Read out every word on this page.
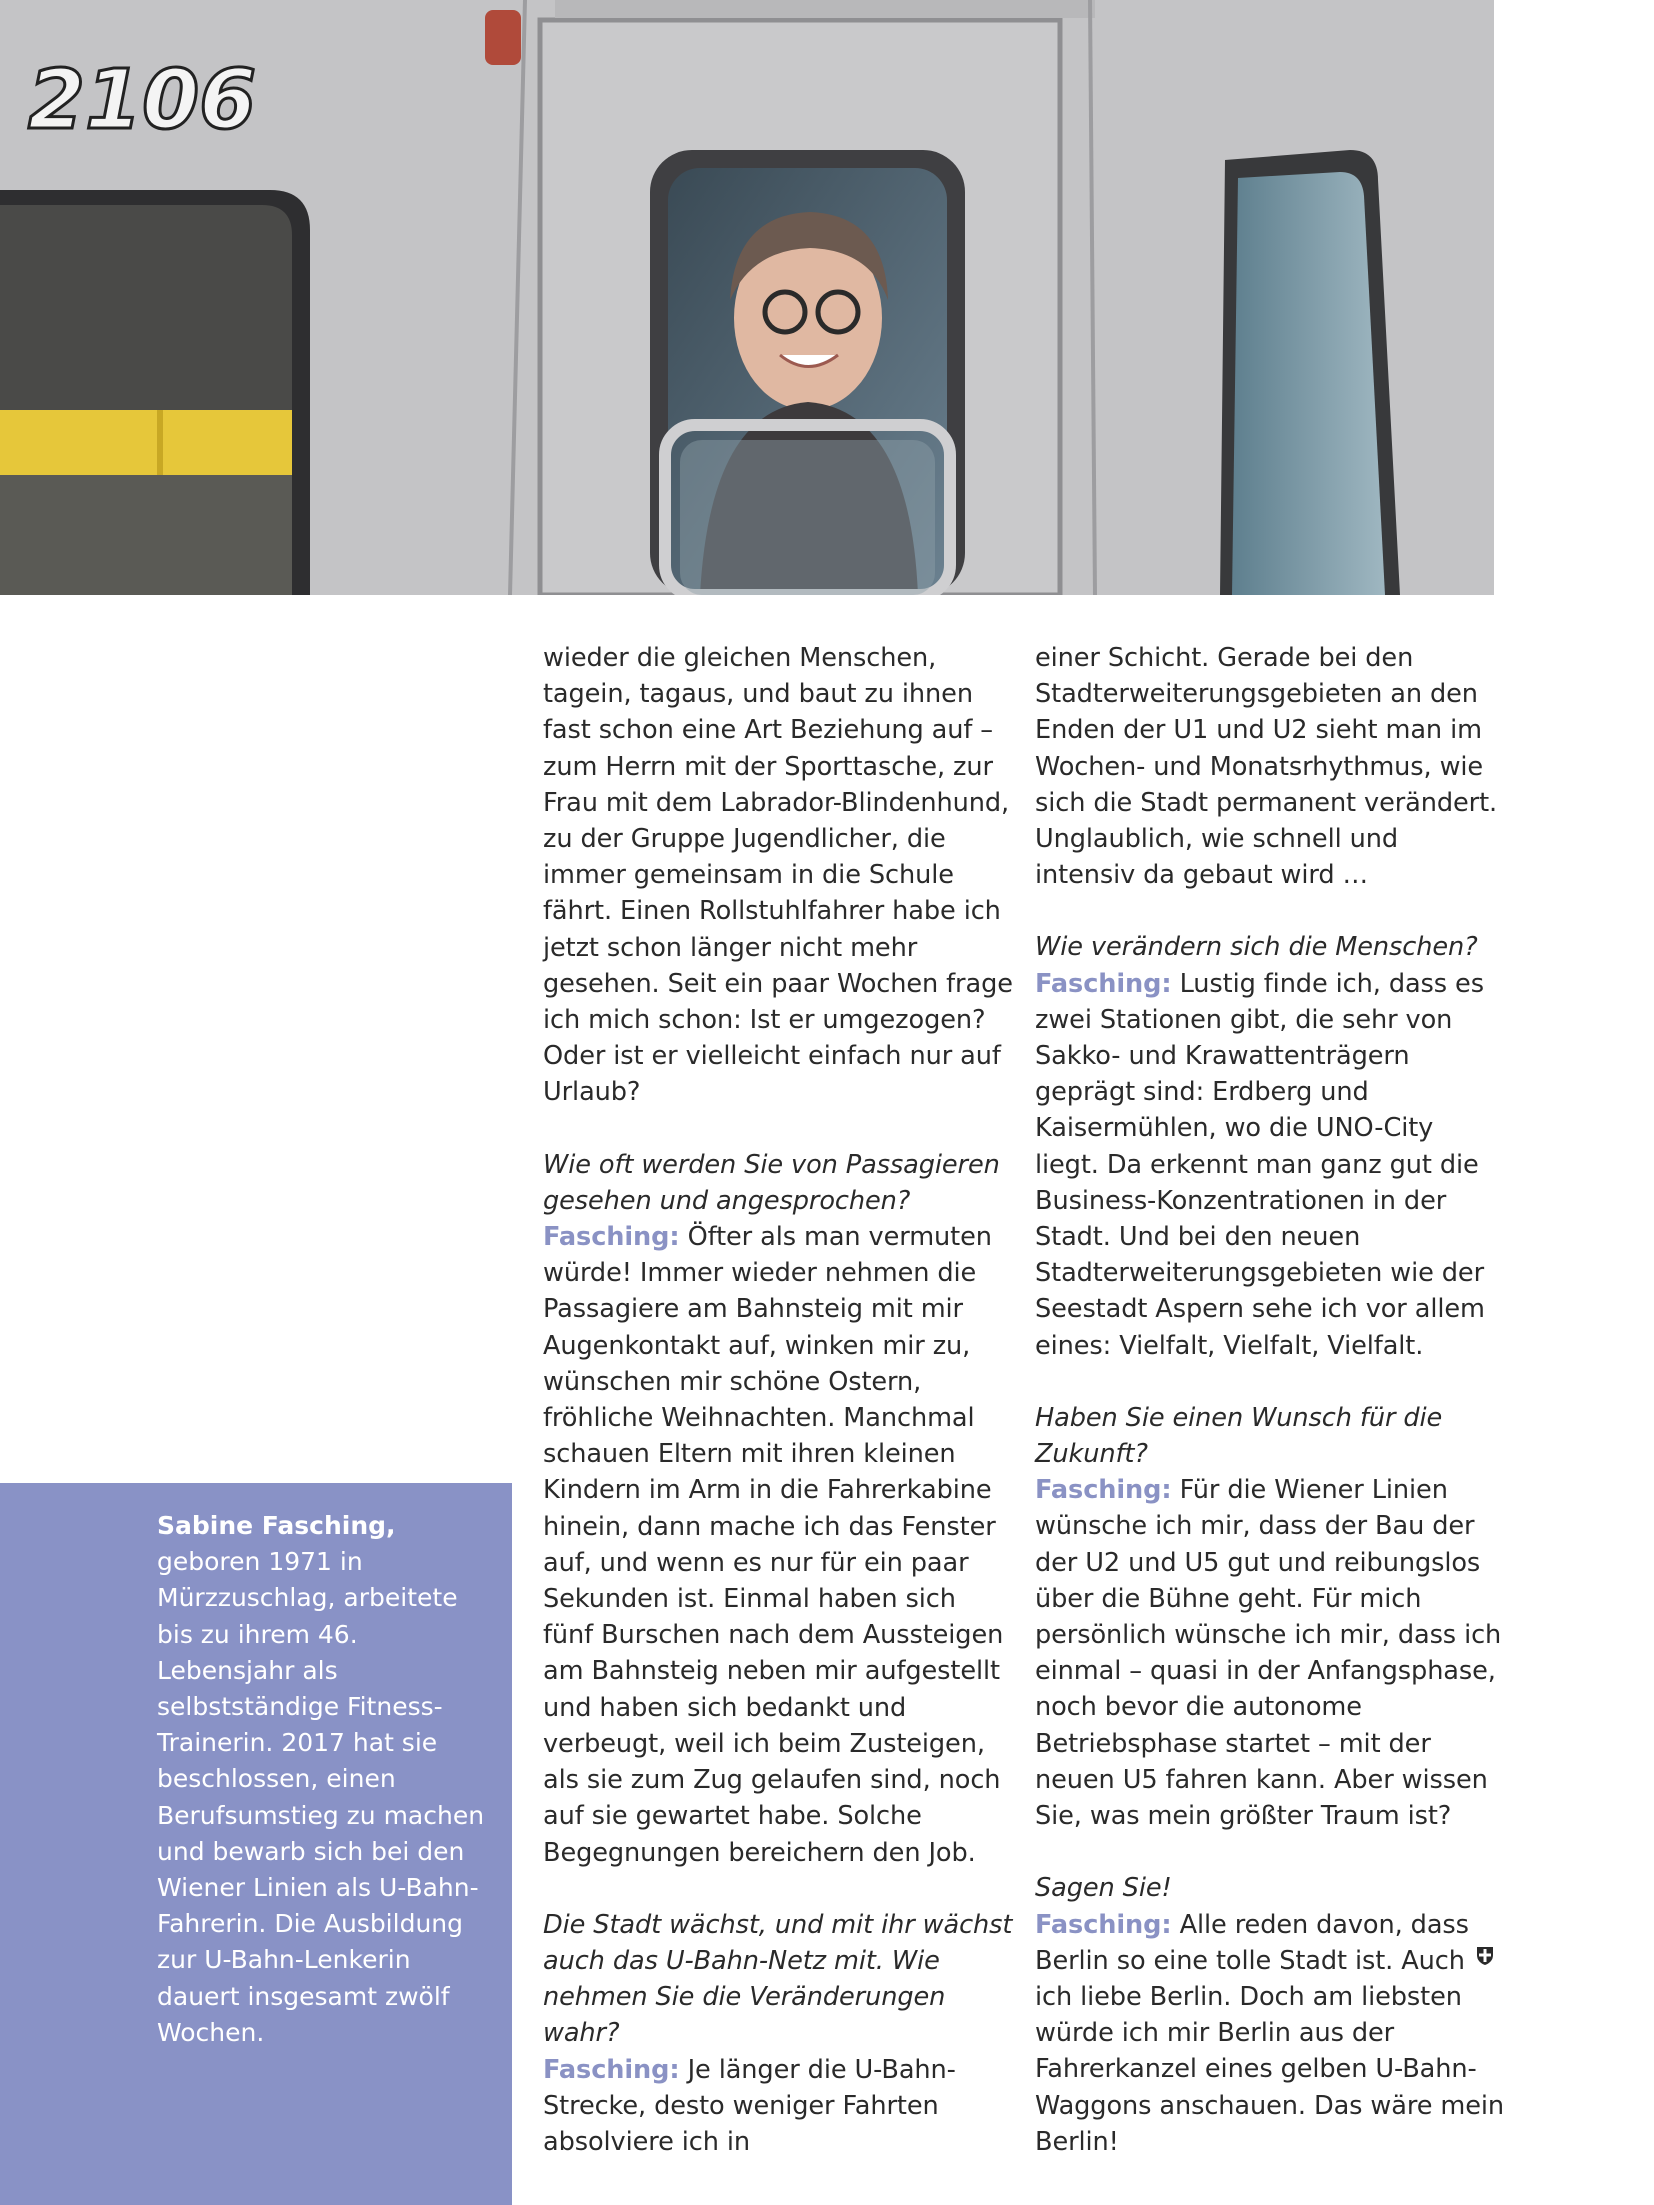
2106
Sabine Fasching,
geboren 1971 in Mürzzuschlag, arbeitete bis zu ihrem 46. Lebensjahr als selbstständige Fitness-Trainerin. 2017 hat sie beschlossen, einen Berufsumstieg zu machen und bewarb sich bei den Wiener Linien als U-Bahn-Fahrerin. Die Ausbildung zur U-Bahn-Lenkerin dauert insgesamt zwölf Wochen.

wieder die gleichen Menschen, tagein, tagaus, und baut zu ihnen fast schon eine Art Beziehung auf – zum Herrn mit der Sporttasche, zur Frau mit dem Labrador-Blindenhund, zu der Gruppe Jugendlicher, die immer gemeinsam in die Schule fährt. Einen Rollstuhlfahrer habe ich jetzt schon länger nicht mehr gesehen. Seit ein paar Wochen frage ich mich schon: Ist er umgezogen? Oder ist er vielleicht einfach nur auf Urlaub?

Wie oft werden Sie von Passagieren gesehen und angesprochen?
Fasching: Öfter als man vermuten würde! Immer wieder nehmen die Passagiere am Bahnsteig mit mir Augenkontakt auf, winken mir zu, wünschen mir schöne Ostern, fröhliche Weihnachten. Manchmal schauen Eltern mit ihren kleinen Kindern im Arm in die Fahrerkabine hinein, dann mache ich das Fenster auf, und wenn es nur für ein paar Sekunden ist. Einmal haben sich fünf Burschen nach dem Aussteigen am Bahnsteig neben mir aufgestellt und haben sich bedankt und verbeugt, weil ich beim Zusteigen, als sie zum Zug gelaufen sind, noch auf sie gewartet habe. Solche Begegnungen bereichern den Job.

Die Stadt wächst, und mit ihr wächst auch das U-Bahn-Netz mit. Wie nehmen Sie die Veränderungen wahr?
Fasching: Je länger die U-Bahn-Strecke, desto weniger Fahrten absolviere ich in

einer Schicht. Gerade bei den Stadterweiterungsgebieten an den Enden der U1 und U2 sieht man im Wochen- und Monatsrhythmus, wie sich die Stadt permanent verändert. Unglaublich, wie schnell und intensiv da gebaut wird …

Wie verändern sich die Menschen?
Fasching: Lustig finde ich, dass es zwei Stationen gibt, die sehr von Sakko- und Krawattenträgern geprägt sind: Erdberg und Kaisermühlen, wo die UNO-City liegt. Da erkennt man ganz gut die Business-Konzentrationen in der Stadt. Und bei den neuen Stadterweiterungsgebieten wie der Seestadt Aspern sehe ich vor allem eines: Vielfalt, Vielfalt, Vielfalt.

Haben Sie einen Wunsch für die Zukunft?
Fasching: Für die Wiener Linien wünsche ich mir, dass der Bau der der U2 und U5 gut und reibungslos über die Bühne geht. Für mich persönlich wünsche ich mir, dass ich einmal – quasi in der Anfangsphase, noch bevor die autonome Betriebsphase startet – mit der neuen U5 fahren kann. Aber wissen Sie, was mein größter Traum ist?

Sagen Sie!
Fasching: Alle reden davon, dass Berlin so eine tolle Stadt ist. Auch ich liebe Berlin. Doch am liebsten würde ich mir Berlin aus der Fahrerkanzel eines gelben U-Bahn-Waggons anschauen. Das wäre mein Berlin!
